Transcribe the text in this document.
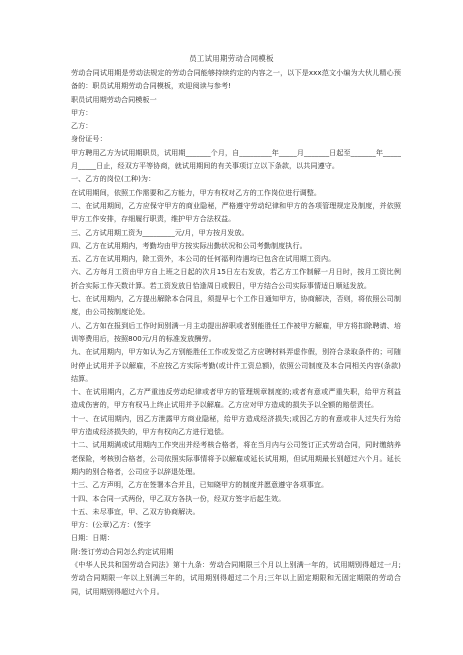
员工试用期劳动合同模板

劳动合同试用期是劳动法规定的劳动合同能够持续约定的内容之一，以下是xxx范文小编为大伙儿精心预备的：职员试用期劳动合同模板，欢迎阅读与参考!

职员试用期劳动合同模板一

甲方：

乙方：

身份证号：

甲方聘用乙方为试用期职员，试用期_______个月，自_________年_____月_______日起至_______年_____月_____日止，经双方平等协商，就试用期间的有关事项订立以下条款，以共同遵守。

一、乙方的岗位(工种)为：

在试用期间，依照工作需要和乙方能力，甲方有权对乙方的工作岗位进行调整。

二、在试用期间，乙方应保守甲方的商业隐秘，严格遵守劳动纪律和甲方的各项管理规定及制度，并依照甲方工作安排，存细履行职责，维护甲方合法权益。

三、乙方试用期工资为_________元/月，甲方按月发放。

四、乙方在试用期内，考勤均由甲方按实际出勤状况和公司考勤制度执行。

五、乙方在试用期内，除工资外，本公司的任何福利待遇均已包含在试用期工资内。

六、乙方每月工资由甲方自上班之日起的次月15日左右发放，若乙方工作制解一月日时，按月工资比例折合实际工作天数计算。若工资发放日恰逢周日或假日，甲方结合公司实际事情适日顺延发放。

七、在试用期内，乙方提出解除本合同且，须提早七个工作日通知甲方，协商解决，否则，将依照公司制度，由公司按制度论处。

八、乙方如在报到后工作时间别满一月主动提出辞职或者别能胜任工作被甲方解雇，甲方将扣除聘请、培训等费用后，按照800元/月的标准发放酬劳。

九、在试用期内，甲方如认为乙方别能胜任工作或发觉乙方应聘材料弄虚作假，别符合录取条件的；可随时停止试用并予以解雇，不应按乙方实际考勤(或计件工资总额)，依照公司制度及本合同相关内容(条款)结算。

十、在试用期内，乙方严重违反劳动纪律或者甲方的管理规章制度的;或者有意或严重失职，给甲方利益造成伤害的，甲方有权马上终止试用并予以解雇。乙方应对甲方造成的损失予以全额的赔偿责任。

十一、在试用期内，因乙方泄露甲方商业隐秘，给甲方造成经济损失;或因乙方的有意或非人过失行为给甲方造成经济损失的，甲方有权向乙方进行追偿。

十二、试用期满或试用期内工作突出并经考核合格者，将在当月内与公司签订正式劳动合同，同时缴纳养老保险，考核别合格者，公司依照实际事情将予以解雇或延长试用期，但试用期最长别超过六个月。延长期内的别合格者，公司应予以辞退处理。

十三、乙方声明，乙方在签署本合并且，已知晓甲方的制度并愿意遵守各项事宜。

十四、本合同一式两份，甲乙双方各执一份，经双方签字后起生效。

十五、未尽事宜，甲、乙双方协商解决。

甲方：(公章)乙方：(签字

日期：日期：

附:签订劳动合同怎么约定试用期

《中华人民共和国劳动合同法》第十九条：劳动合同期限三个月以上别满一年的，试用期别得超过一月;劳动合同期限一年以上别满三年的，试用期别得超过二个月;三年以上固定期限和无固定期限的劳动合同，试用期别得超过六个月。
